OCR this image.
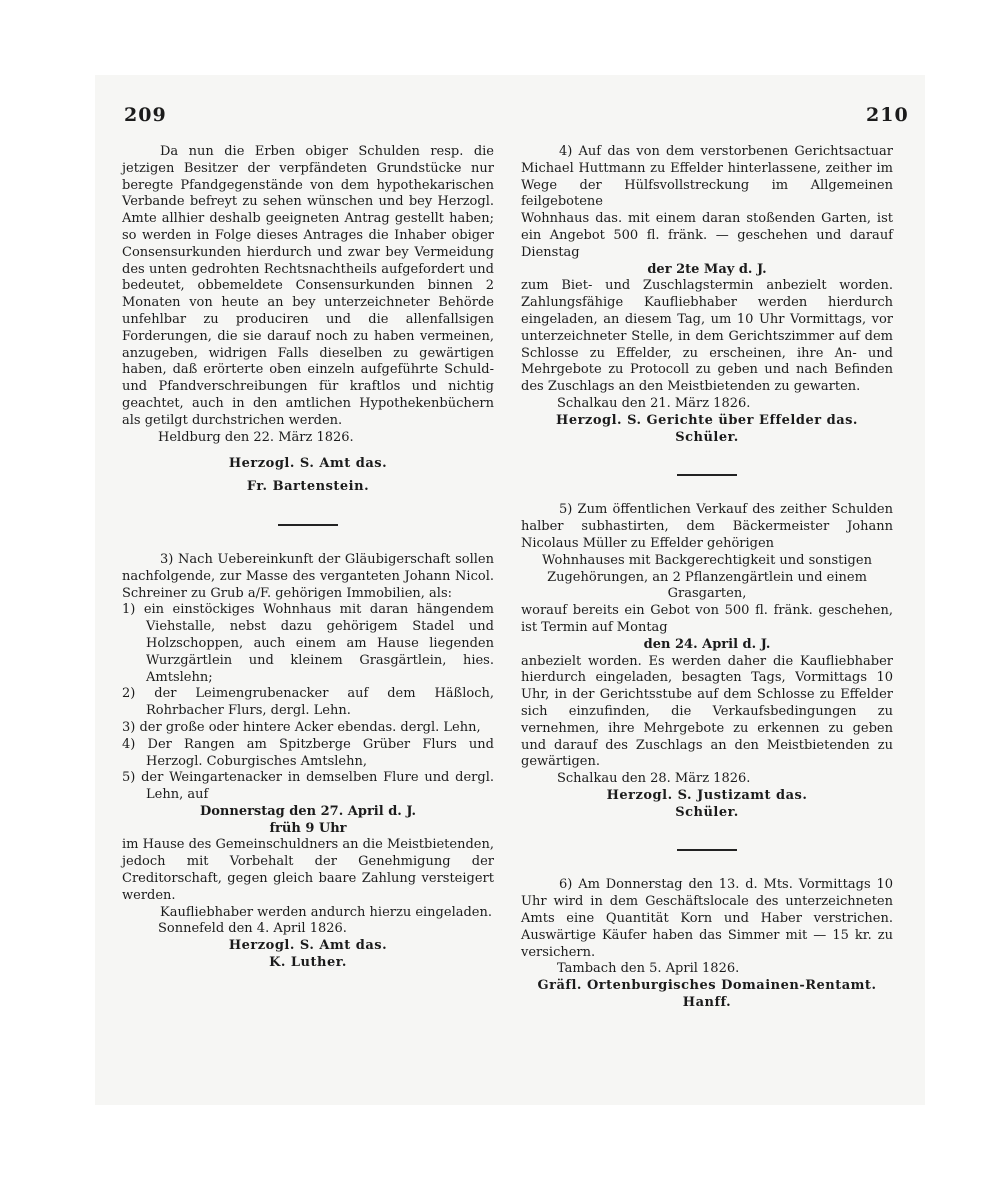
209	210
Da nun die Erben obiger Schulden resp. die jetzigen Besitzer der verpfändeten Grundstücke nur beregte Pfandgegenstände von dem hypothekarischen Verbande befreyt zu sehen wünschen und bey Herzogl. Amte allhier deshalb geeigneten Antrag gestellt haben; so werden in Folge dieses Antrages die Inhaber obiger Consensurkunden hierdurch und zwar bey Vermeidung des unten gedrohten Rechtsnachtheils aufgefordert und bedeutet, obbemeldete Consensurkunden binnen 2 Monaten von heute an bey unterzeichneter Behörde unfehlbar zu produciren und die allenfallsigen Forderungen, die sie darauf noch zu haben vermeinen, anzugeben, widrigen Falls dieselben zu gewärtigen haben, daß erörterte oben einzeln aufgeführte Schuld- und Pfandverschreibungen für kraftlos und nichtig geachtet, auch in den amtlichen Hypothekenbüchern als getilgt durchstrichen werden.
Heldburg den 22. März 1826.
Herzogl. S. Amt das.
Fr. Bartenstein.
3) Nach Uebereinkunft der Gläubigerschaft sollen nachfolgende, zur Masse des verganteten Johann Nicol. Schreiner zu Grub a/F. gehörigen Immobilien, als:
1) ein einstöckiges Wohnhaus mit daran hängendem Viehstalle, nebst dazu gehörigem Stadel und Holzschoppen, auch einem am Hause liegenden Wurzgärtlein und kleinem Grasgärtlein, hies. Amtslehn;
2) der Leimengrubenacker auf dem Häßloch, Rohrbacher Flurs, dergl. Lehn.
3) der große oder hintere Acker ebendas. dergl. Lehn,
4) Der Rangen am Spitzberge Grüber Flurs und Herzogl. Coburgisches Amtslehn,
5) der Weingartenacker in demselben Flure und dergl. Lehn, auf
Donnerstag den 27. April d. J.
früh 9 Uhr
im Hause des Gemeinschuldners an die Meistbietenden, jedoch mit Vorbehalt der Genehmigung der Creditorschaft, gegen gleich baare Zahlung versteigert werden.
Kaufliebhaber werden andurch hierzu eingeladen.
Sonnefeld den 4. April 1826.
Herzogl. S. Amt das.
K. Luther.
4) Auf das von dem verstorbenen Gerichtsactuar Michael Huttmann zu Effelder hinterlassene, zeither im Wege der Hülfsvollstreckung im Allgemeinen feilgebotene
Wohnhaus das. mit einem daran stoßenden Garten, ist ein Angebot 500 fl. fränk. — geschehen und darauf Dienstag
der 2te May d. J.
zum Biet- und Zuschlagstermin anbezielt worden. Zahlungsfähige Kaufliebhaber werden hierdurch eingeladen, an diesem Tag, um 10 Uhr Vormittags, vor unterzeichneter Stelle, in dem Gerichtszimmer auf dem Schlosse zu Effelder, zu erscheinen, ihre An- und Mehrgebote zu Protocoll zu geben und nach Befinden des Zuschlags an den Meistbietenden zu gewarten.
Schalkau den 21. März 1826.
Herzogl. S. Gerichte über Effelder das.
Schüler.
5) Zum öffentlichen Verkauf des zeither Schulden halber subhastirten, dem Bäckermeister Johann Nicolaus Müller zu Effelder gehörigen
Wohnhauses mit Backgerechtigkeit und sonstigen Zugehörungen, an 2 Pflanzengärtlein und einem Grasgarten,
worauf bereits ein Gebot von 500 fl. fränk. geschehen, ist Termin auf Montag
den 24. April d. J.
anbezielt worden. Es werden daher die Kaufliebhaber hierdurch eingeladen, besagten Tags, Vormittags 10 Uhr, in der Gerichtsstube auf dem Schlosse zu Effelder sich einzufinden, die Verkaufsbedingungen zu vernehmen, ihre Mehrgebote zu erkennen zu geben und darauf des Zuschlags an den Meistbietenden zu gewärtigen.
Schalkau den 28. März 1826.
Herzogl. S. Justizamt das.
Schüler.
6) Am Donnerstag den 13. d. Mts. Vormittags 10 Uhr wird in dem Geschäftslocale des unterzeichneten Amts eine Quantität Korn und Haber verstrichen. Auswärtige Käufer haben das Simmer mit — 15 kr. zu versichern.
Tambach den 5. April 1826.
Gräfl. Ortenburgisches Domainen-Rentamt.
Hanff.
